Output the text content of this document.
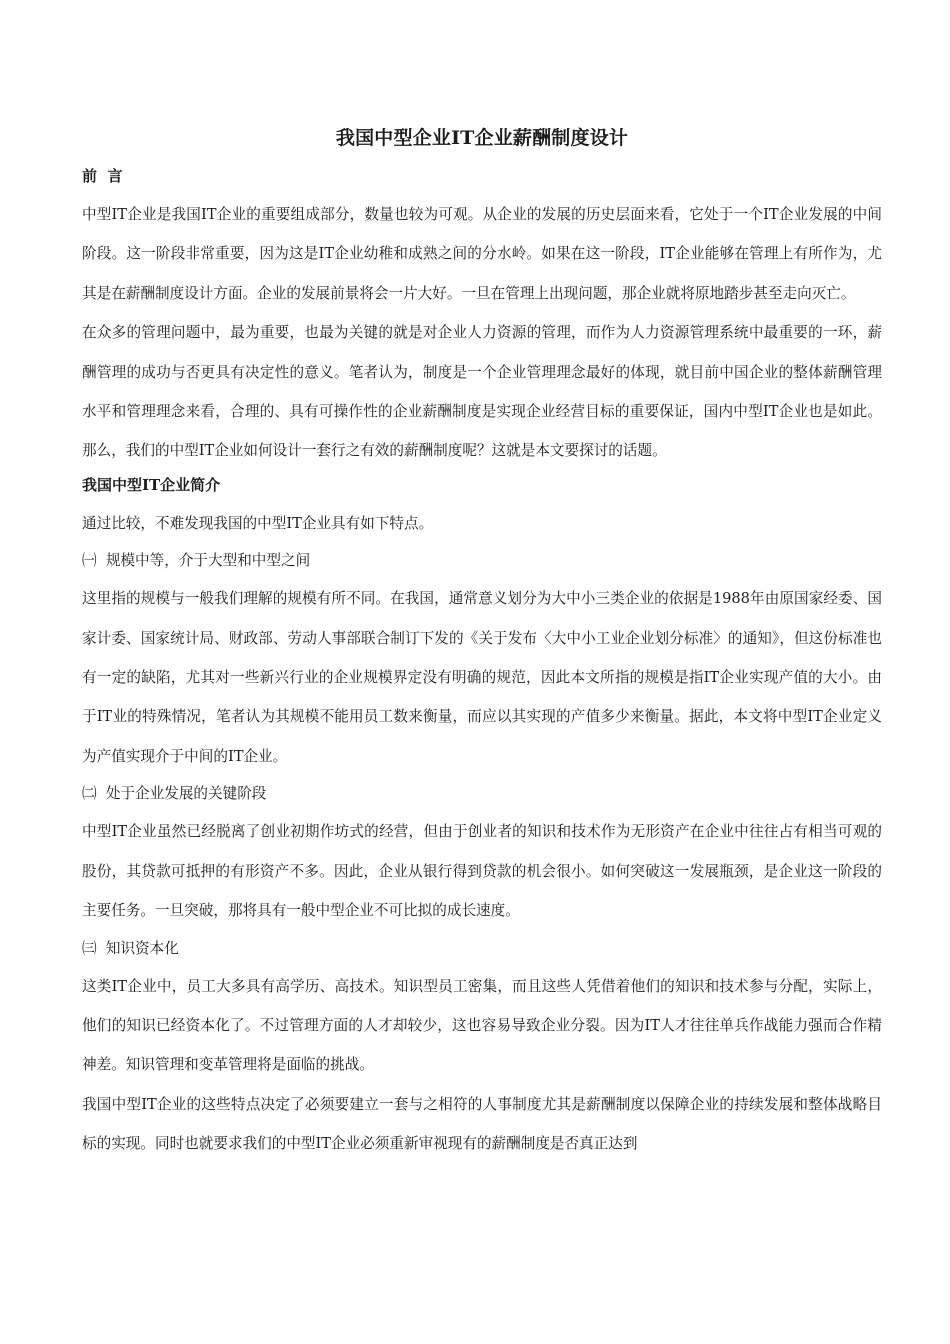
我国中型企业IT企业薪酬制度设计
前  言

中型IT企业是我国IT企业的重要组成部分，数量也较为可观。从企业的发展的历史层面来看，它处于一个IT企业发展的中间阶段。这一阶段非常重要，因为这是IT企业幼稚和成熟之间的分水岭。如果在这一阶段，IT企业能够在管理上有所作为，尤其是在薪酬制度设计方面。企业的发展前景将会一片大好。一旦在管理上出现问题，那企业就将原地踏步甚至走向灭亡。

在众多的管理问题中，最为重要，也最为关键的就是对企业人力资源的管理，而作为人力资源管理系统中最重要的一环，薪酬管理的成功与否更具有决定性的意义。笔者认为，制度是一个企业管理理念最好的体现，就目前中国企业的整体薪酬管理水平和管理理念来看，合理的、具有可操作性的企业薪酬制度是实现企业经营目标的重要保证，国内中型IT企业也是如此。那么，我们的中型IT企业如何设计一套行之有效的薪酬制度呢？这就是本文要探讨的话题。

我国中型IT企业简介

通过比较，不难发现我国的中型IT企业具有如下特点。

㈠  规模中等，介于大型和中型之间

这里指的规模与一般我们理解的规模有所不同。在我国，通常意义划分为大中小三类企业的依据是1988年由原国家经委、国家计委、国家统计局、财政部、劳动人事部联合制订下发的《关于发布〈大中小工业企业划分标准〉的通知》，但这份标准也有一定的缺陷，尤其对一些新兴行业的企业规模界定没有明确的规范，因此本文所指的规模是指IT企业实现产值的大小。由于IT业的特殊情况，笔者认为其规模不能用员工数来衡量，而应以其实现的产值多少来衡量。据此，本文将中型IT企业定义为产值实现介于中间的IT企业。

㈡  处于企业发展的关键阶段

中型IT企业虽然已经脱离了创业初期作坊式的经营，但由于创业者的知识和技术作为无形资产在企业中往往占有相当可观的股份，其贷款可抵押的有形资产不多。因此，企业从银行得到贷款的机会很小。如何突破这一发展瓶颈，是企业这一阶段的主要任务。一旦突破，那将具有一般中型企业不可比拟的成长速度。

㈢  知识资本化

这类IT企业中，员工大多具有高学历、高技术。知识型员工密集，而且这些人凭借着他们的知识和技术参与分配，实际上，他们的知识已经资本化了。不过管理方面的人才却较少，这也容易导致企业分裂。因为IT人才往往单兵作战能力强而合作精神差。知识管理和变革管理将是面临的挑战。

我国中型IT企业的这些特点决定了必须要建立一套与之相符的人事制度尤其是薪酬制度以保障企业的持续发展和整体战略目标的实现。同时也就要求我们的中型IT企业必须重新审视现有的薪酬制度是否真正达到
